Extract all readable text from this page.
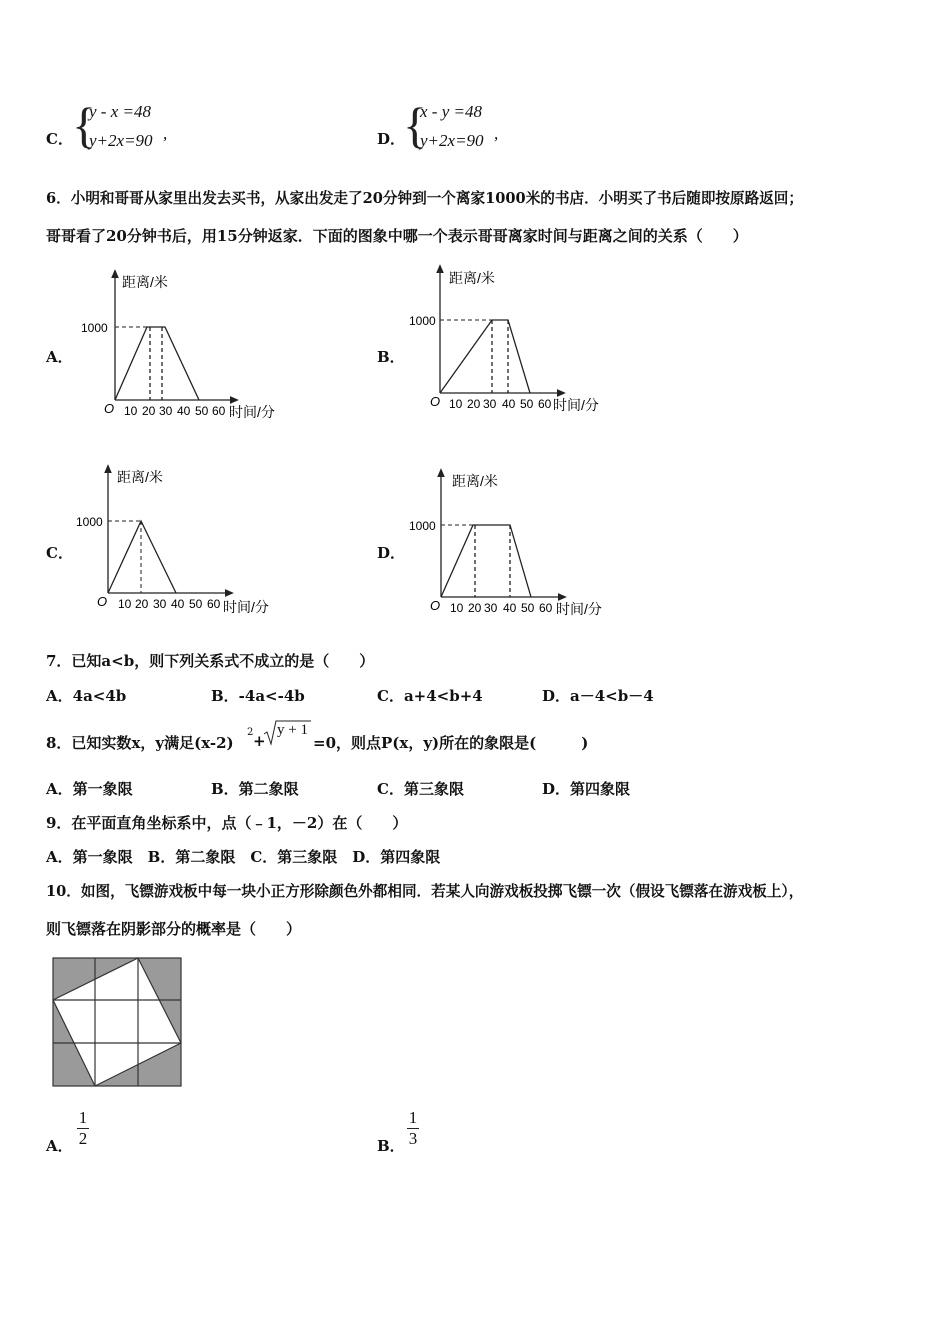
C． {
y - x =48
y+2x=90 ,	D．
{
x - y =48
y+2x=90 ,
6．小明和哥哥从家里出发去买书，从家出发走了20分钟到一个离家1000米的书店．小明买了书后随即按原路返回；
哥哥看了20分钟书后，用15分钟返家．下面的图象中哪一个表示哥哥离家时间与距离之间的关系（　　）
A．
距离/米
1000
O 10 20 30 40 50 60 时间/分
B．
距离/米
1000
O 10 20 30 40 50 60 时间/分
C．
距离/米
1000
O 10 20 30 40 50 60 时间/分
D．
距离/米
1000
O 10 20 30 40 50 60 时间/分
7．已知a<b，则下列关系式不成立的是（　　）
A．4a<4b	B．-4a<-4b	C．a+4<b+4	D．a－4<b－4
8．已知实数x，y满足(x-2)
2 +
y + 1
=0，则点P(x，y)所在的象限是(　　　)
A．第一象限	B．第二象限	C．第三象限	D．第四象限
9．在平面直角坐标系中，点（﹣1，－2）在（　　）
A．第一象限　B．第二象限　C．第三象限　D．第四象限
10．如图，飞镖游戏板中每一块小正方形除颜色外都相同．若某人向游戏板投掷飞镖一次（假设飞镖落在游戏板上），
则飞镖落在阴影部分的概率是（　　）
A．
1
2	B．
1
3
